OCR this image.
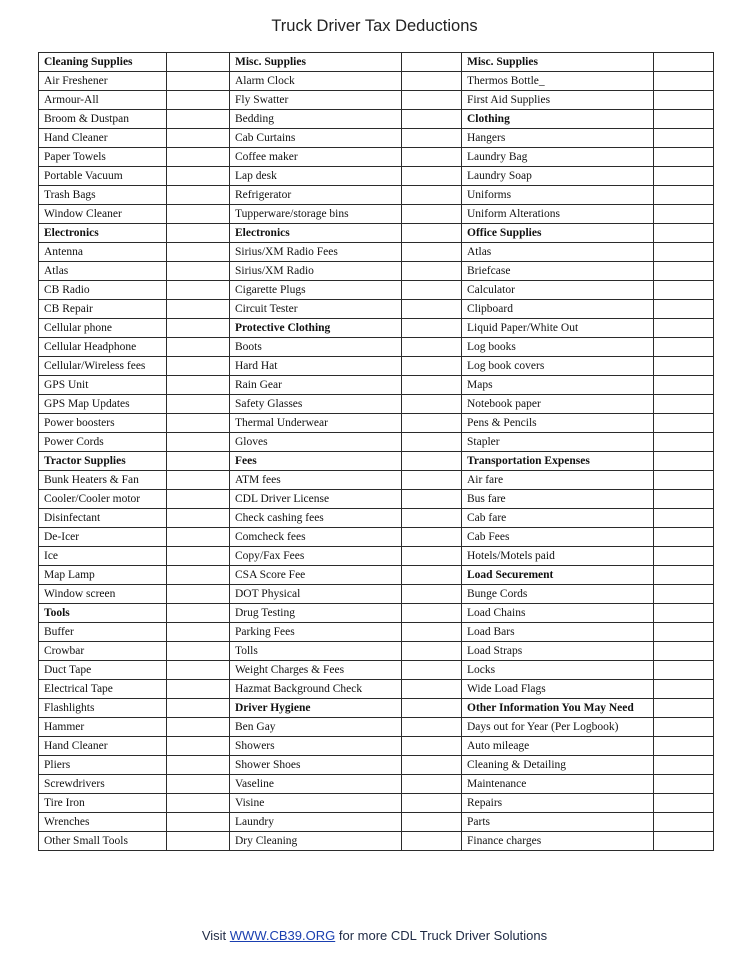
Truck Driver Tax Deductions
Cleaning Supplies		Misc. Supplies		Misc. Supplies	
Air Freshener		Alarm Clock		Thermos Bottle_	
Armour-All		Fly Swatter		First Aid Supplies	
Broom & Dustpan		Bedding		Clothing	
Hand Cleaner		Cab Curtains		Hangers	
Paper Towels		Coffee maker		Laundry Bag	
Portable Vacuum		Lap desk		Laundry Soap	
Trash Bags		Refrigerator		Uniforms	
Window Cleaner		Tupperware/storage bins		Uniform Alterations	
Electronics		Electronics		Office Supplies	
Antenna		Sirius/XM Radio Fees		Atlas	
Atlas		Sirius/XM Radio		Briefcase	
CB Radio		Cigarette Plugs		Calculator	
CB Repair		Circuit Tester		Clipboard	
Cellular phone		Protective Clothing		Liquid Paper/White Out	
Cellular Headphone		Boots		Log books	
Cellular/Wireless fees		Hard Hat		Log book covers	
GPS Unit		Rain Gear		Maps	
GPS Map Updates		Safety Glasses		Notebook paper	
Power boosters		Thermal Underwear		Pens & Pencils	
Power Cords		Gloves		Stapler	
Tractor Supplies		Fees		Transportation Expenses	
Bunk Heaters & Fan		ATM fees		Air fare	
Cooler/Cooler motor		CDL Driver License		Bus fare	
Disinfectant		Check cashing fees		Cab fare	
De-Icer		Comcheck fees		Cab Fees	
Ice		Copy/Fax Fees		Hotels/Motels paid	
Map Lamp		CSA Score Fee		Load Securement	
Window screen		DOT Physical		Bunge Cords	
Tools		Drug Testing		Load Chains	
Buffer		Parking Fees		Load Bars	
Crowbar		Tolls		Load Straps	
Duct Tape		Weight Charges & Fees		Locks	
Electrical Tape		Hazmat Background Check		Wide Load Flags	
Flashlights		Driver Hygiene		Other Information You May Need	
Hammer		Ben Gay		Days out for Year (Per Logbook)	
Hand Cleaner		Showers		Auto mileage	
Pliers		Shower Shoes		Cleaning & Detailing	
Screwdrivers		Vaseline		Maintenance	
Tire Iron		Visine		Repairs	
Wrenches		Laundry		Parts	
Other Small Tools		Dry Cleaning		Finance charges	
Visit WWW.CB39.ORG for more CDL Truck Driver Solutions
